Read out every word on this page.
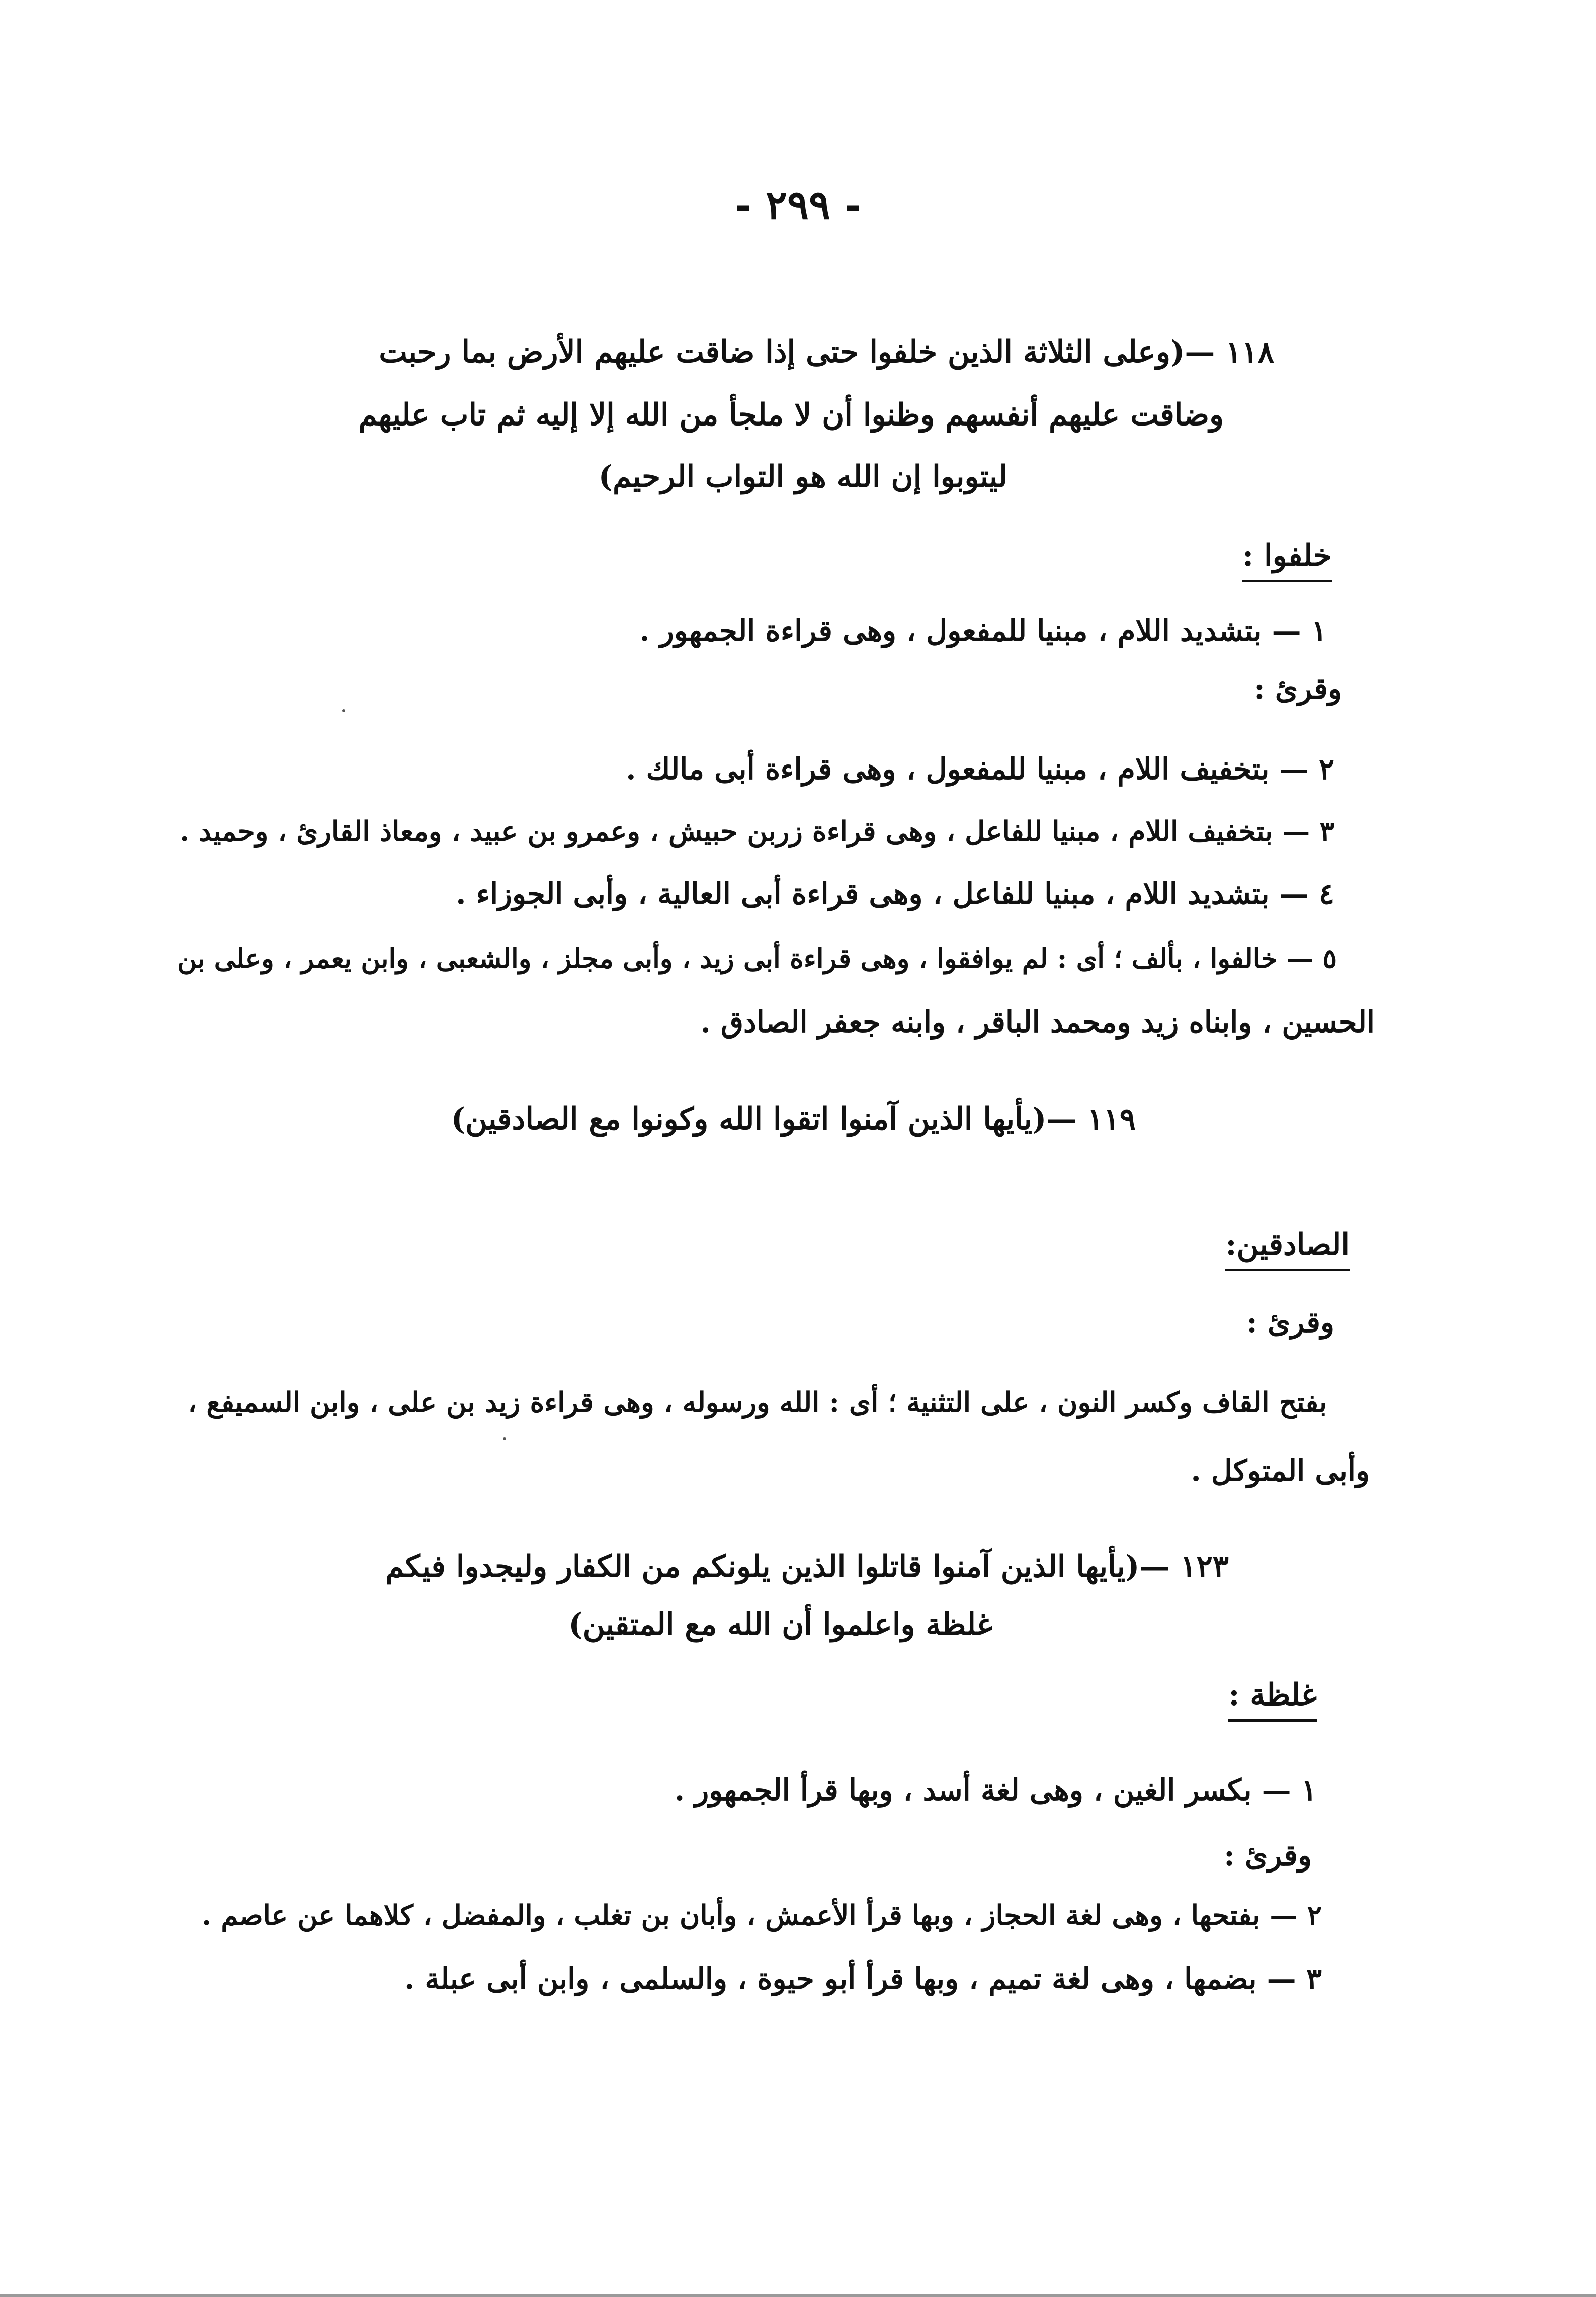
- ٢٩٩ -
١١٨ —(وعلى الثلاثة الذين خلفوا حتى إذا ضاقت عليهم الأرض بما رحبت
وضاقت عليهم أنفسهم وظنوا أن لا ملجأ من الله إلا إليه ثم تاب عليهم
ليتوبوا إن الله هو التواب الرحيم)
خلفوا :
١ — بتشديد اللام ، مبنيا للمفعول ، وهى قراءة الجمهور .
وقرئ :
٢ — بتخفيف اللام ، مبنيا للمفعول ، وهى قراءة أبى مالك .
٣ — بتخفيف اللام ، مبنيا للفاعل ، وهى قراءة زربن حبيش ، وعمرو بن عبيد ، ومعاذ القارئ ، وحميد .
٤ — بتشديد اللام ، مبنيا للفاعل ، وهى قراءة أبى العالية ، وأبى الجوزاء .
٥ — خالفوا ، بألف ؛ أى : لم يوافقوا ، وهى قراءة أبى زيد ، وأبى مجلز ، والشعبى ، وابن يعمر ، وعلى بن
الحسين ، وابناه زيد ومحمد الباقر ، وابنه جعفر الصادق .
١١٩ —(يأيها الذين آمنوا اتقوا الله وكونوا مع الصادقين)
الصادقين:
وقرئ :
بفتح القاف وكسر النون ، على التثنية ؛ أى : الله ورسوله ، وهى قراءة زيد بن على ، وابن السميفع ،
وأبى المتوكل .
١٢٣ —(يأيها الذين آمنوا قاتلوا الذين يلونكم من الكفار وليجدوا فيكم
غلظة واعلموا أن الله مع المتقين)
غلظة :
١ — بكسر الغين ، وهى لغة أسد ، وبها قرأ الجمهور .
وقرئ :
٢ — بفتحها ، وهى لغة الحجاز ، وبها قرأ الأعمش ، وأبان بن تغلب ، والمفضل ، كلاهما عن عاصم .
٣ — بضمها ، وهى لغة تميم ، وبها قرأ أبو حيوة ، والسلمى ، وابن أبى عبلة .
